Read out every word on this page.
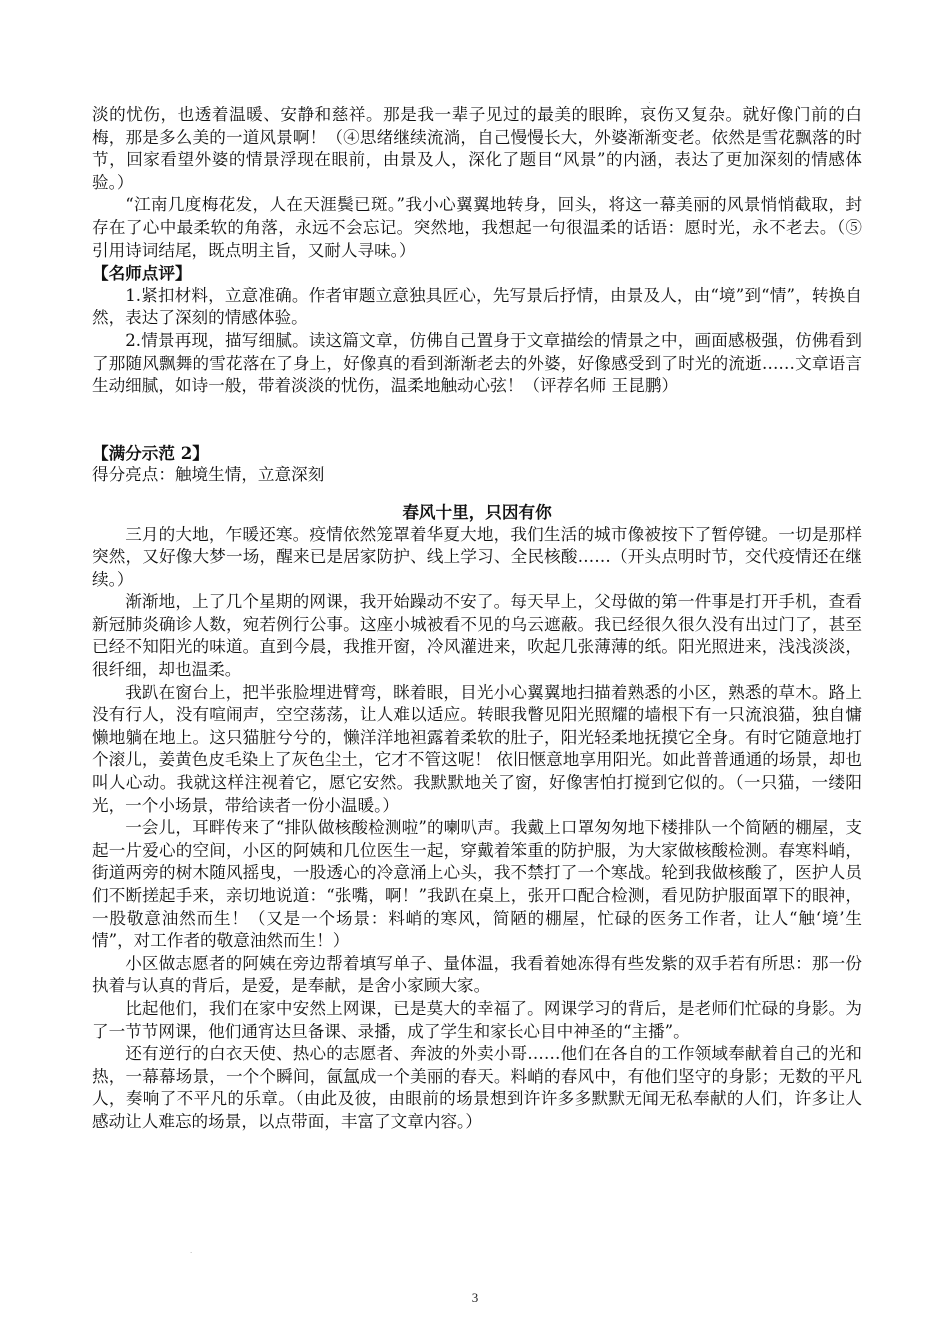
·

淡的忧伤，也透着温暖、安静和慈祥。那是我一辈子见过的最美的眼眸，哀伤又复杂。就好像门前的白梅，那是多么美的一道风景啊！（④思绪继续流淌，自己慢慢长大，外婆渐渐变老。依然是雪花飘落的时节，回家看望外婆的情景浮现在眼前，由景及人，深化了题目“风景”的内涵，表达了更加深刻的情感体验。）

“江南几度梅花发，人在天涯鬓已斑。”我小心翼翼地转身，回头，将这一幕美丽的风景悄悄截取，封存在了心中最柔软的角落，永远不会忘记。突然地，我想起一句很温柔的话语：愿时光，永不老去。（⑤引用诗词结尾，既点明主旨，又耐人寻味。）

【名师点评】

1.紧扣材料，立意准确。作者审题立意独具匠心，先写景后抒情，由景及人，由“境”到“情”，转换自然，表达了深刻的情感体验。

2.情景再现，描写细腻。读这篇文章，仿佛自己置身于文章描绘的情景之中，画面感极强，仿佛看到了那随风飘舞的雪花落在了身上，好像真的看到渐渐老去的外婆，好像感受到了时光的流逝……文章语言生动细腻，如诗一般，带着淡淡的忧伤，温柔地触动心弦！（评荐名师 王昆鹏）

【满分示范 2】

得分亮点：触境生情，立意深刻

春风十里，只因有你

三月的大地，乍暖还寒。疫情依然笼罩着华夏大地，我们生活的城市像被按下了暂停键。一切是那样突然，又好像大梦一场，醒来已是居家防护、线上学习、全民核酸……（开头点明时节，交代疫情还在继续。）

渐渐地，上了几个星期的网课，我开始躁动不安了。每天早上，父母做的第一件事是打开手机，查看新冠肺炎确诊人数，宛若例行公事。这座小城被看不见的乌云遮蔽。我已经很久很久没有出过门了，甚至已经不知阳光的味道。直到今晨，我推开窗，冷风灌进来，吹起几张薄薄的纸。阳光照进来，浅浅淡淡，很纤细，却也温柔。

我趴在窗台上，把半张脸埋进臂弯，眯着眼，目光小心翼翼地扫描着熟悉的小区，熟悉的草木。路上没有行人，没有喧闹声，空空荡荡，让人难以适应。转眼我瞥见阳光照耀的墙根下有一只流浪猫，独自慵懒地躺在地上。这只猫脏兮兮的，懒洋洋地袒露着柔软的肚子，阳光轻柔地抚摸它全身。有时它随意地打个滚儿，姜黄色皮毛染上了灰色尘土，它才不管这呢！ 依旧惬意地享用阳光。如此普普通通的场景，却也叫人心动。我就这样注视着它，愿它安然。我默默地关了窗，好像害怕打搅到它似的。（一只猫，一缕阳光，一个小场景，带给读者一份小温暖。）

一会儿，耳畔传来了“排队做核酸检测啦”的喇叭声。我戴上口罩匆匆地下楼排队一个简陋的棚屋，支起一片爱心的空间，小区的阿姨和几位医生一起，穿戴着笨重的防护服，为大家做核酸检测。春寒料峭，街道两旁的树木随风摇曳，一股透心的冷意涌上心头，我不禁打了一个寒战。轮到我做核酸了，医护人员们不断搓起手来，亲切地说道：“张嘴，啊！”我趴在桌上，张开口配合检测，看见防护服面罩下的眼神，一股敬意油然而生！（又是一个场景：料峭的寒风，简陋的棚屋，忙碌的医务工作者，让人“触‘境’生情”，对工作者的敬意油然而生！）

小区做志愿者的阿姨在旁边帮着填写单子、量体温，我看着她冻得有些发紫的双手若有所思：那一份执着与认真的背后，是爱，是奉献，是舍小家顾大家。

比起他们，我们在家中安然上网课，已是莫大的幸福了。网课学习的背后，是老师们忙碌的身影。为了一节节网课，他们通宵达旦备课、录播，成了学生和家长心目中神圣的“主播”。

还有逆行的白衣天使、热心的志愿者、奔波的外卖小哥……他们在各自的工作领域奉献着自己的光和热，一幕幕场景，一个个瞬间，氤氲成一个美丽的春天。料峭的春风中，有他们坚守的身影；无数的平凡人，奏响了不平凡的乐章。（由此及彼，由眼前的场景想到许许多多默默无闻无私奉献的人们，许多让人感动让人难忘的场景，以点带面，丰富了文章内容。）

.
3
